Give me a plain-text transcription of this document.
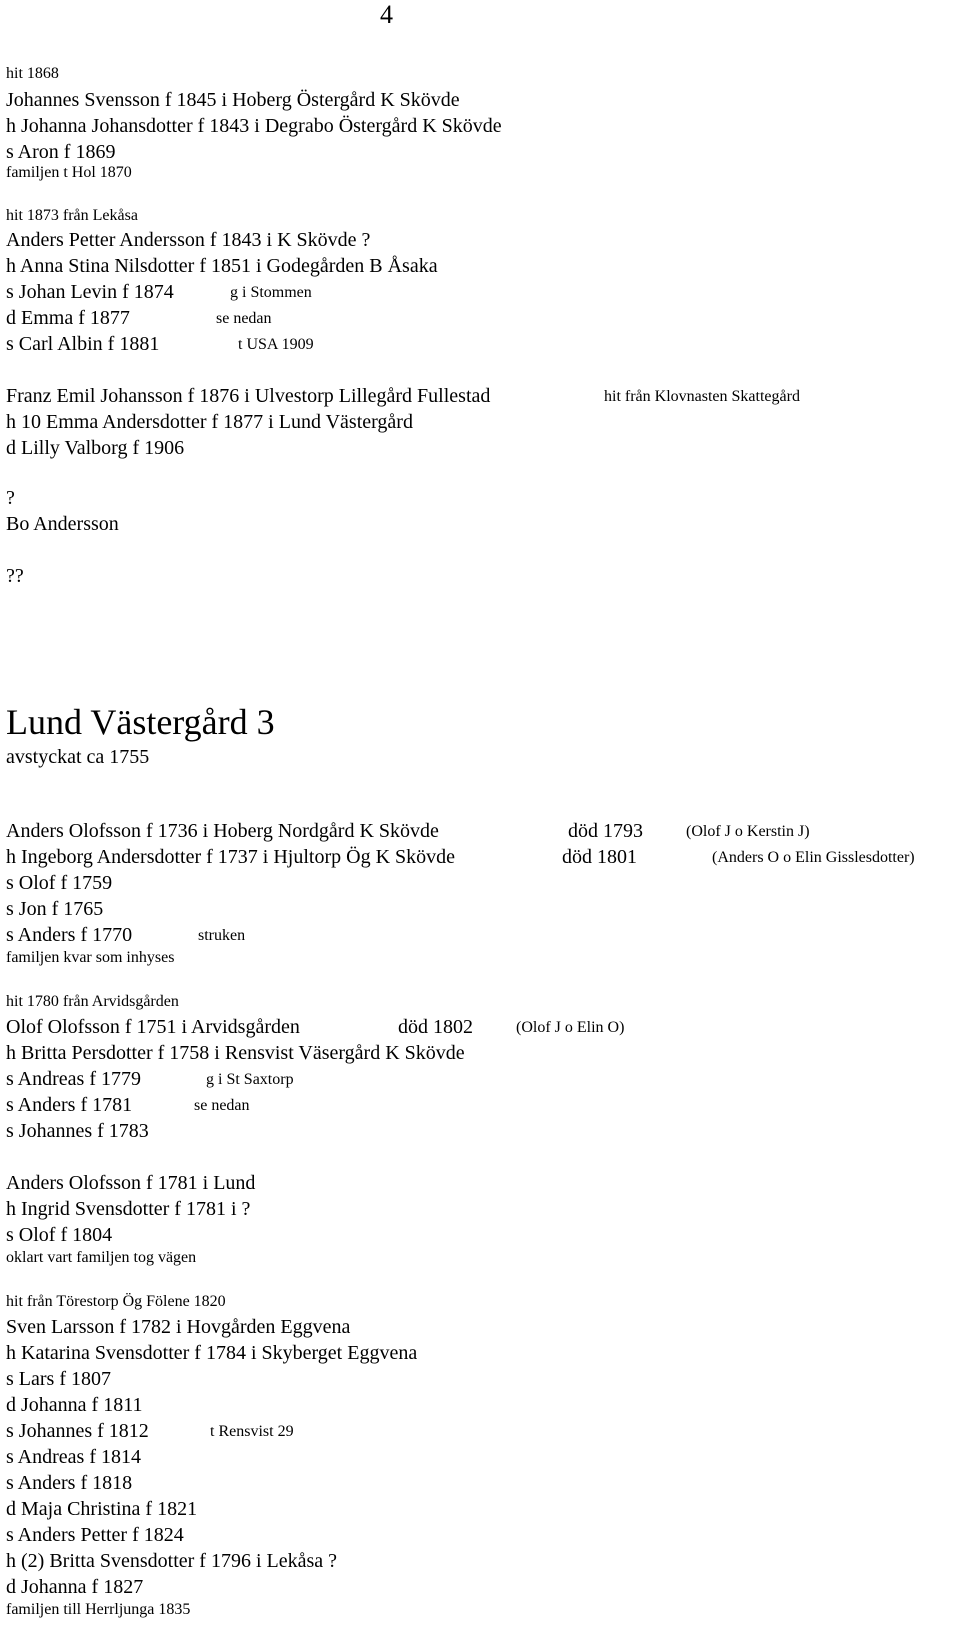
4
hit 1868
Johannes Svensson f 1845 i Hoberg Östergård K Skövde
h Johanna Johansdotter f 1843 i Degrabo Östergård K Skövde
s Aron f 1869
familjen t Hol 1870
hit 1873 från Lekåsa
Anders Petter Andersson f 1843 i K Skövde ?
h Anna Stina Nilsdotter f 1851 i Godegården B Åsaka
s Johan Levin f 1874	g i Stommen
d Emma f 1877	se nedan
s Carl Albin f 1881	t USA 1909
Franz Emil Johansson f 1876 i Ulvestorp Lillegård Fullestad	hit från Klovnasten Skattegård
h 10 Emma Andersdotter f 1877 i Lund Västergård
d Lilly Valborg f 1906
?
Bo Andersson
??
Lund Västergård 3
avstyckat ca 1755
Anders Olofsson f 1736 i Hoberg Nordgård K Skövde	död 1793	(Olof J o Kerstin J)
h Ingeborg Andersdotter f 1737 i Hjultorp Ög K Skövde	död 1801	(Anders O o Elin Gisslesdotter)
s Olof f 1759
s Jon f 1765
s Anders f 1770	struken
familjen kvar som inhyses
hit 1780 från Arvidsgården
Olof Olofsson f 1751 i Arvidsgården	död 1802	(Olof J o Elin O)
h Britta Persdotter f 1758 i Rensvist Väsergård K Skövde
s Andreas f 1779	g i St Saxtorp
s Anders f 1781	se nedan
s Johannes f 1783
Anders Olofsson f 1781 i Lund
h Ingrid Svensdotter f 1781 i ?
s Olof f 1804
oklart vart familjen tog vägen
hit från Törestorp Ög Fölene 1820
Sven Larsson f 1782 i Hovgården Eggvena
h Katarina Svensdotter f 1784 i Skyberget Eggvena
s Lars f 1807
d Johanna f 1811
s Johannes f 1812	t Rensvist 29
s Andreas f 1814
s Anders f 1818
d Maja Christina f 1821
s Anders Petter f 1824
h (2) Britta Svensdotter f 1796 i Lekåsa ?
d Johanna f 1827
familjen till Herrljunga 1835
